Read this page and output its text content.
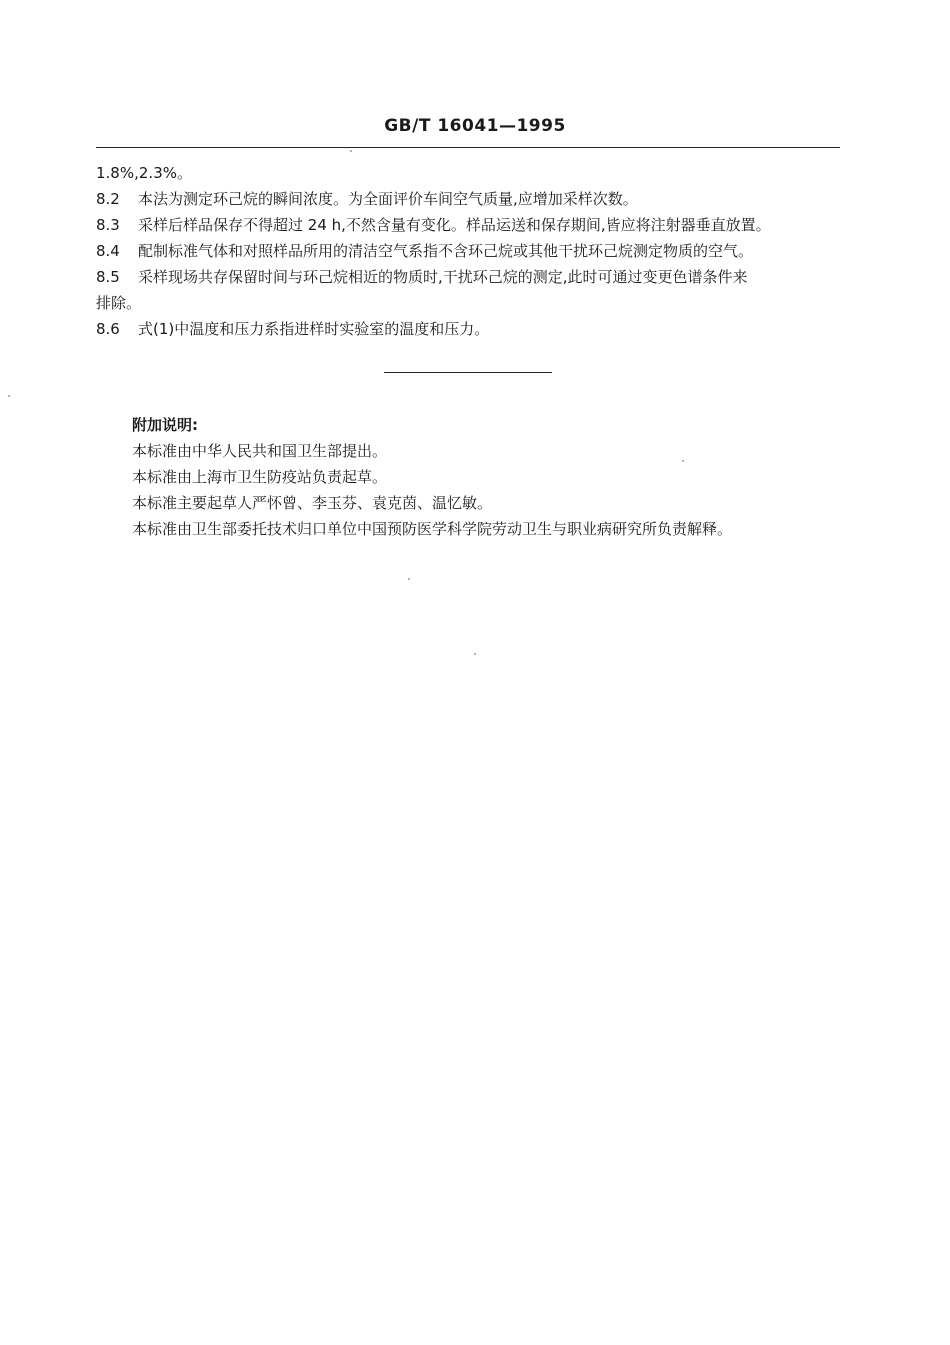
GB/T 16041—1995
1.8%,2.3%。
8.2 本法为测定环己烷的瞬间浓度。为全面评价车间空气质量,应增加采样次数。
8.3 采样后样品保存不得超过 24 h,不然含量有变化。样品运送和保存期间,皆应将注射器垂直放置。
8.4 配制标准气体和对照样品所用的清洁空气系指不含环己烷或其他干扰环己烷测定物质的空气。
8.5 采样现场共存保留时间与环己烷相近的物质时,干扰环己烷的测定,此时可通过变更色谱条件来
排除。
8.6 式(1)中温度和压力系指进样时实验室的温度和压力。
附加说明:
本标准由中华人民共和国卫生部提出。
本标准由上海市卫生防疫站负责起草。
本标准主要起草人严怀曾、李玉芬、袁克茵、温忆敏。
本标准由卫生部委托技术归口单位中国预防医学科学院劳动卫生与职业病研究所负责解释。
